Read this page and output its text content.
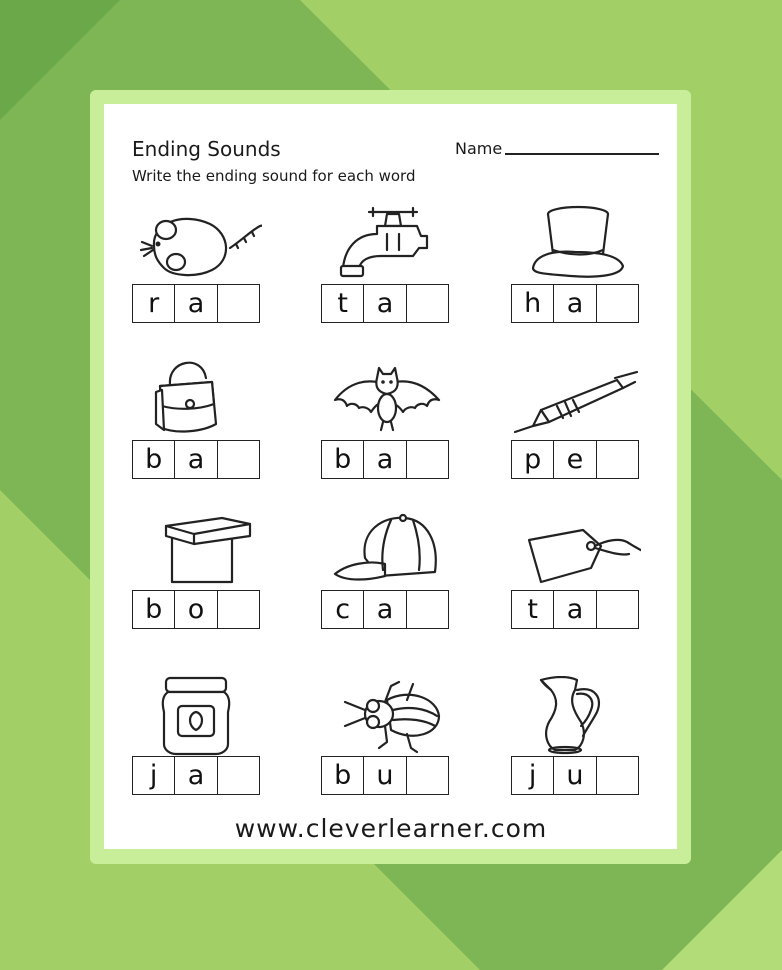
Ending Sounds
Write the ending sound for each word
Name
r	a	t	a	h a
b a	b a	p e
b o	c a	t	a
j	a	b u	j	u
www.cleverlearner.com
